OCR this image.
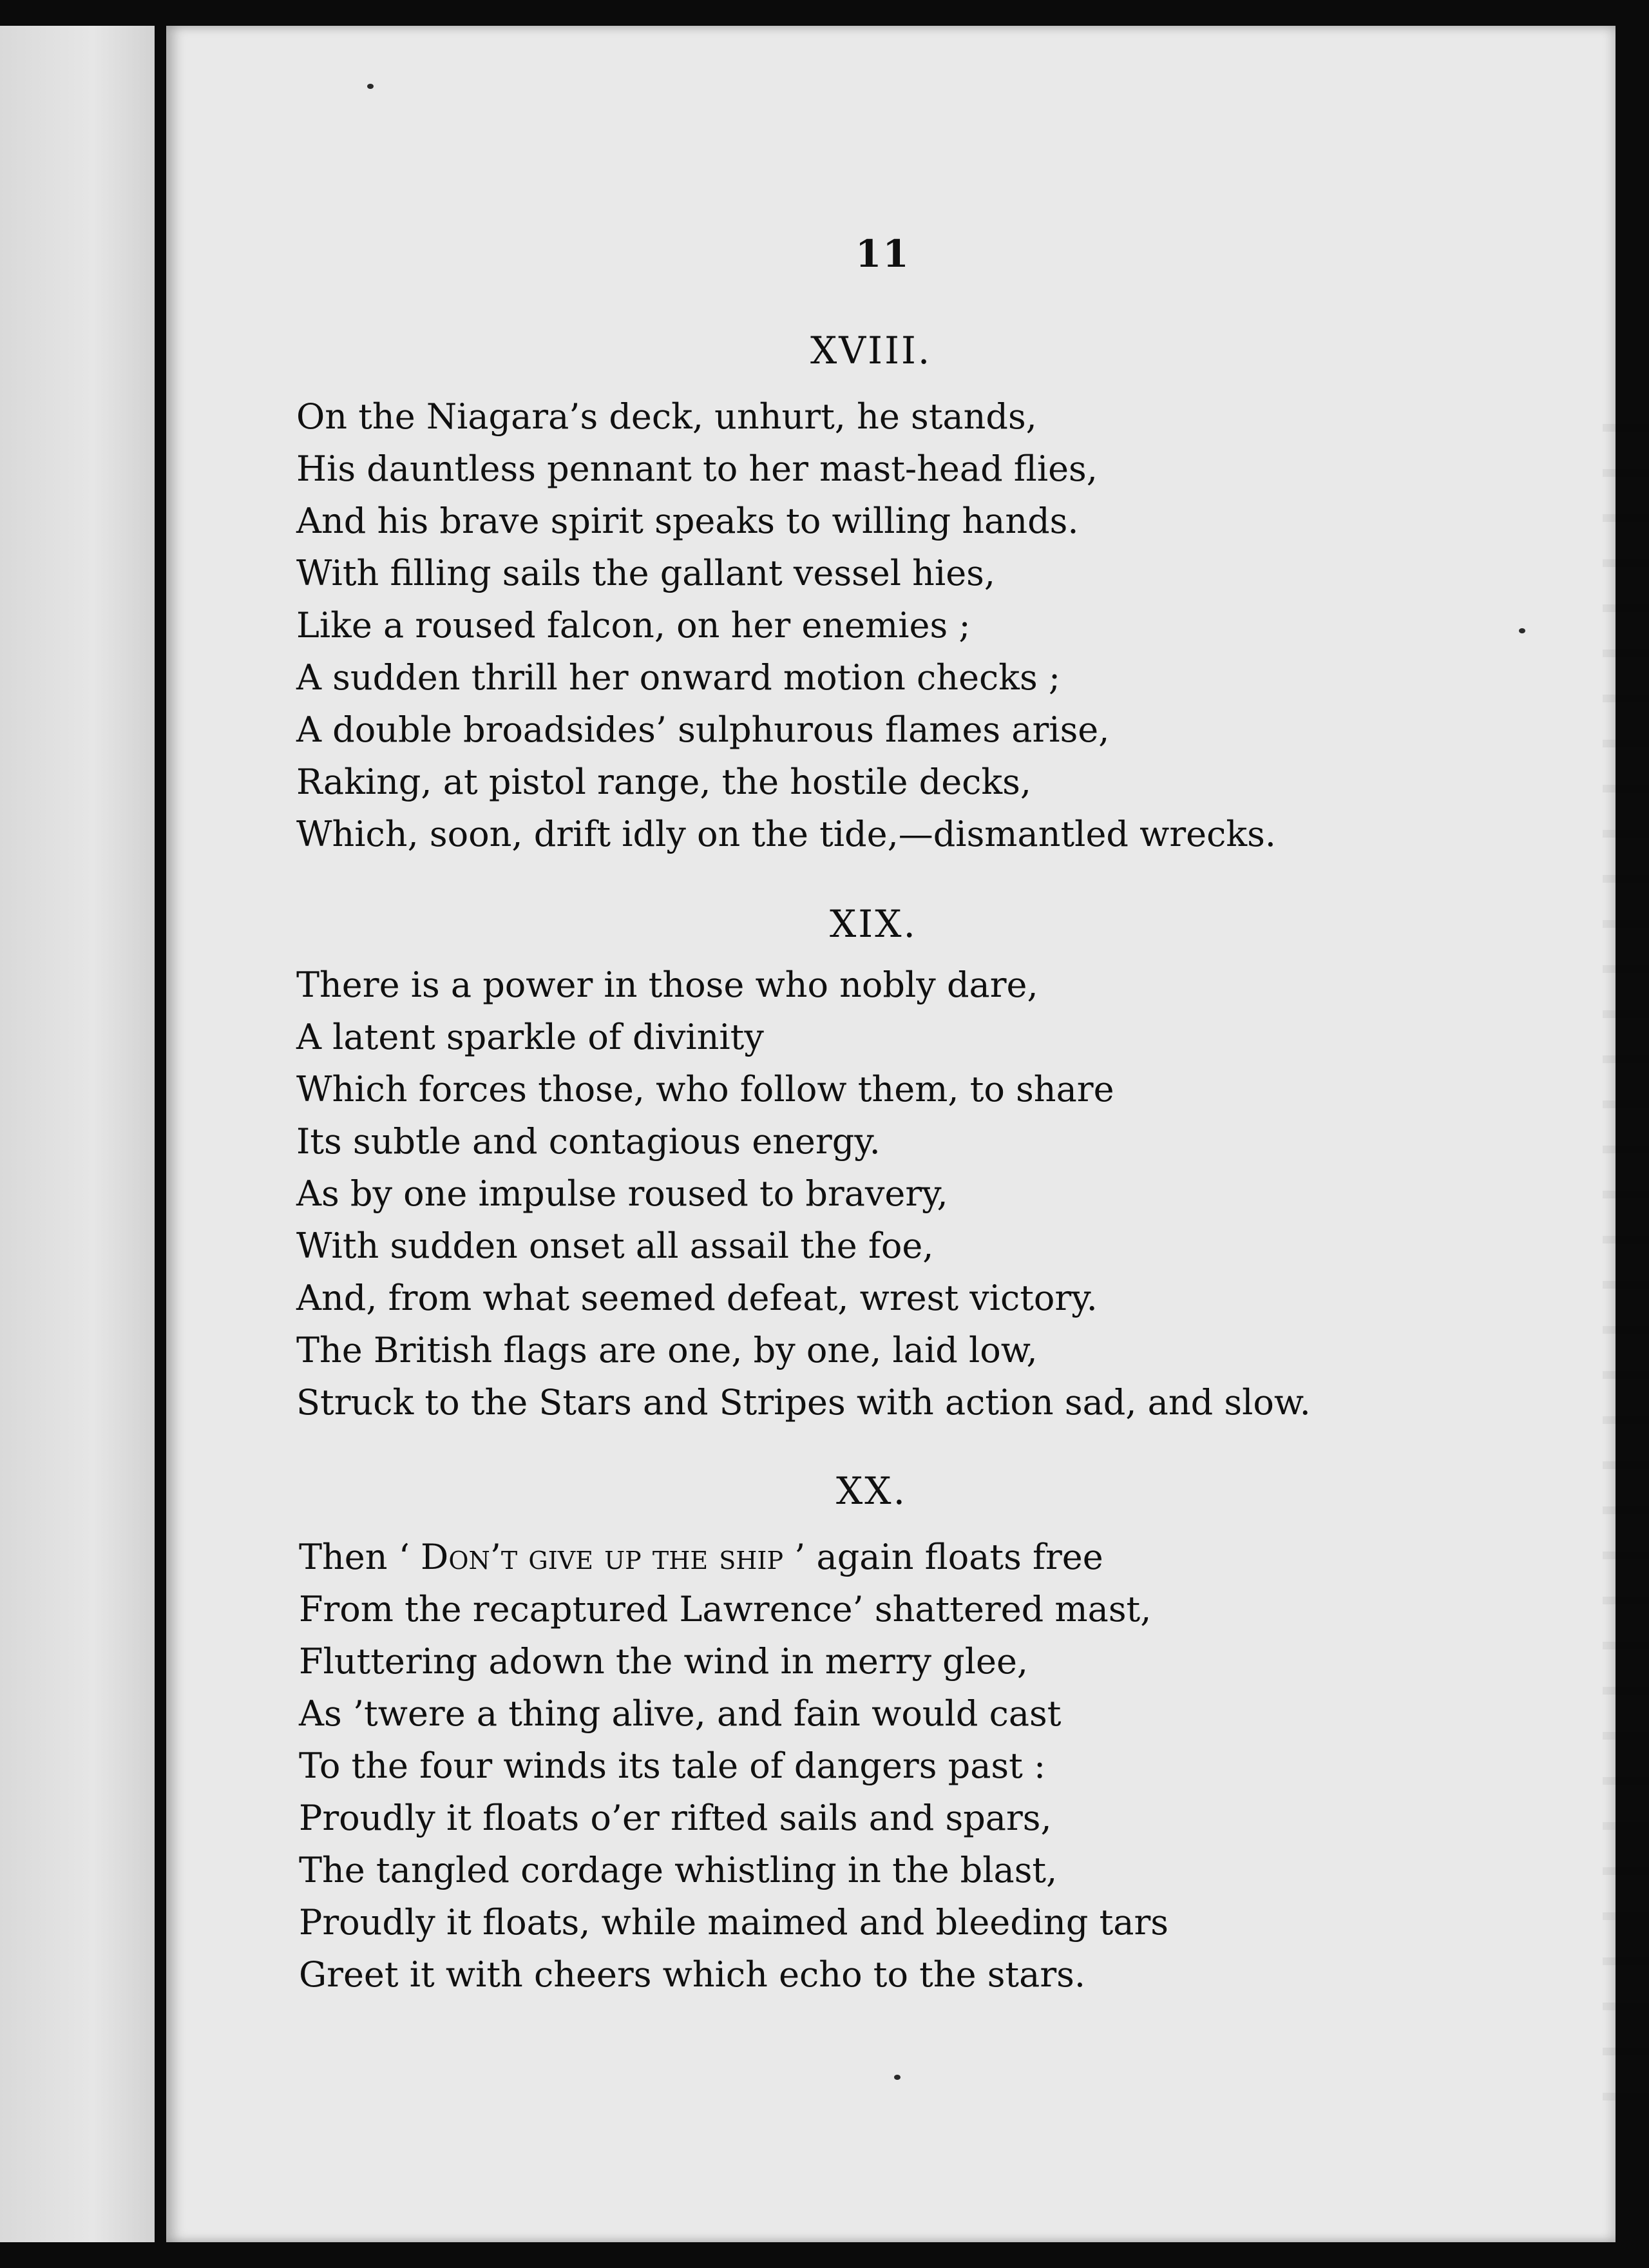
11
XVIII.
On the Niagara’s deck, unhurt, he stands,
His dauntless pennant to her mast-head flies,
And his brave spirit speaks to willing hands.
With filling sails the gallant vessel hies,
Like a roused falcon, on her enemies ;
A sudden thrill her onward motion checks ;
A double broadsides’ sulphurous flames arise,
Raking, at pistol range, the hostile decks,
Which, soon, drift idly on the tide,—dismantled wrecks.
XIX.
There is a power in those who nobly dare,
A latent sparkle of divinity
Which forces those, who follow them, to share
Its subtle and contagious energy.
As by one impulse roused to bravery,
With sudden onset all assail the foe,
And, from what seemed defeat, wrest victory.
The British flags are one, by one, laid low,
Struck to the Stars and Stripes with action sad, and slow.
XX.
Then ‘ Don’t give up the ship ’ again floats free
From the recaptured Lawrence’ shattered mast,
Fluttering adown the wind in merry glee,
As ’twere a thing alive, and fain would cast
To the four winds its tale of dangers past :
Proudly it floats o’er rifted sails and spars,
The tangled cordage whistling in the blast,
Proudly it floats, while maimed and bleeding tars
Greet it with cheers which echo to the stars.
